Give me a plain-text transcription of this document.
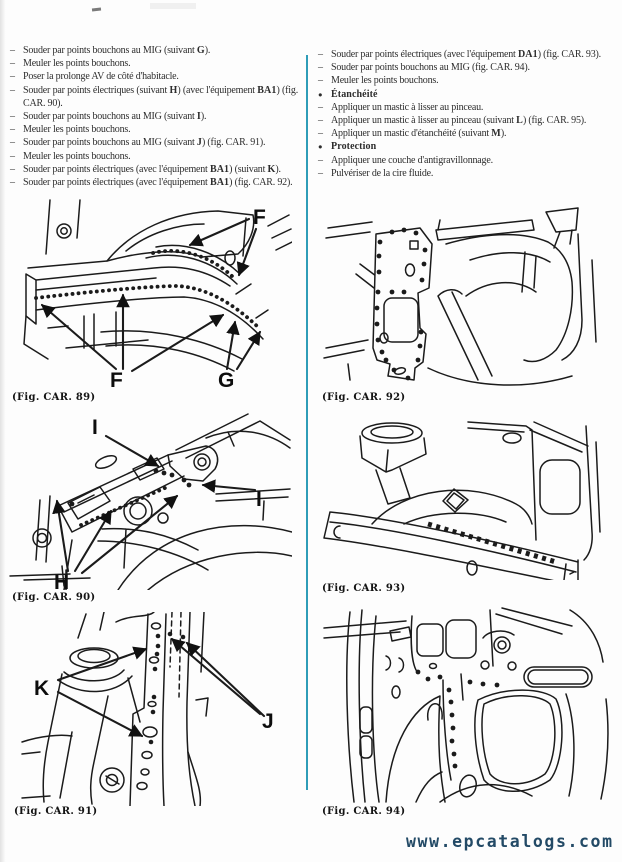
– Souder par points bouchons au MIG (suivant G).
– Meuler les points bouchons.
– Poser la prolonge AV de côté d'habitacle.
– Souder par points électriques (suivant H) (avec l'équipement BA1) (fig. CAR. 90).
– Souder par points bouchons au MIG (suivant I).
– Meuler les points bouchons.
– Souder par points bouchons au MIG (suivant J) (fig. CAR. 91).
– Meuler les points bouchons.
– Souder par points électriques (avec l'équipement BA1) (suivant K).
– Souder par points électriques (avec l'équipement BA1) (fig. CAR. 92).
– Souder par points électriques (avec l'équipement DA1) (fig. CAR. 93).
– Souder par points bouchons au MIG (fig. CAR. 94).
– Meuler les points bouchons.
● Étanchéité
– Appliquer un mastic à lisser au pinceau.
– Appliquer un mastic à lisser au pinceau (suivant L) (fig. CAR. 95).
– Appliquer un mastic d'étanchéité (suivant M).
● Protection
– Appliquer une couche d'antigravillonnage.
– Pulvériser de la cire fluide.
F
F	G
(Fig. CAR. 89)
I
I
H
(Fig. CAR. 90)
K
J
(Fig. CAR. 91)
(Fig. CAR. 92)
(Fig. CAR. 93)
(Fig. CAR. 94)
www.epcatalogs.com
